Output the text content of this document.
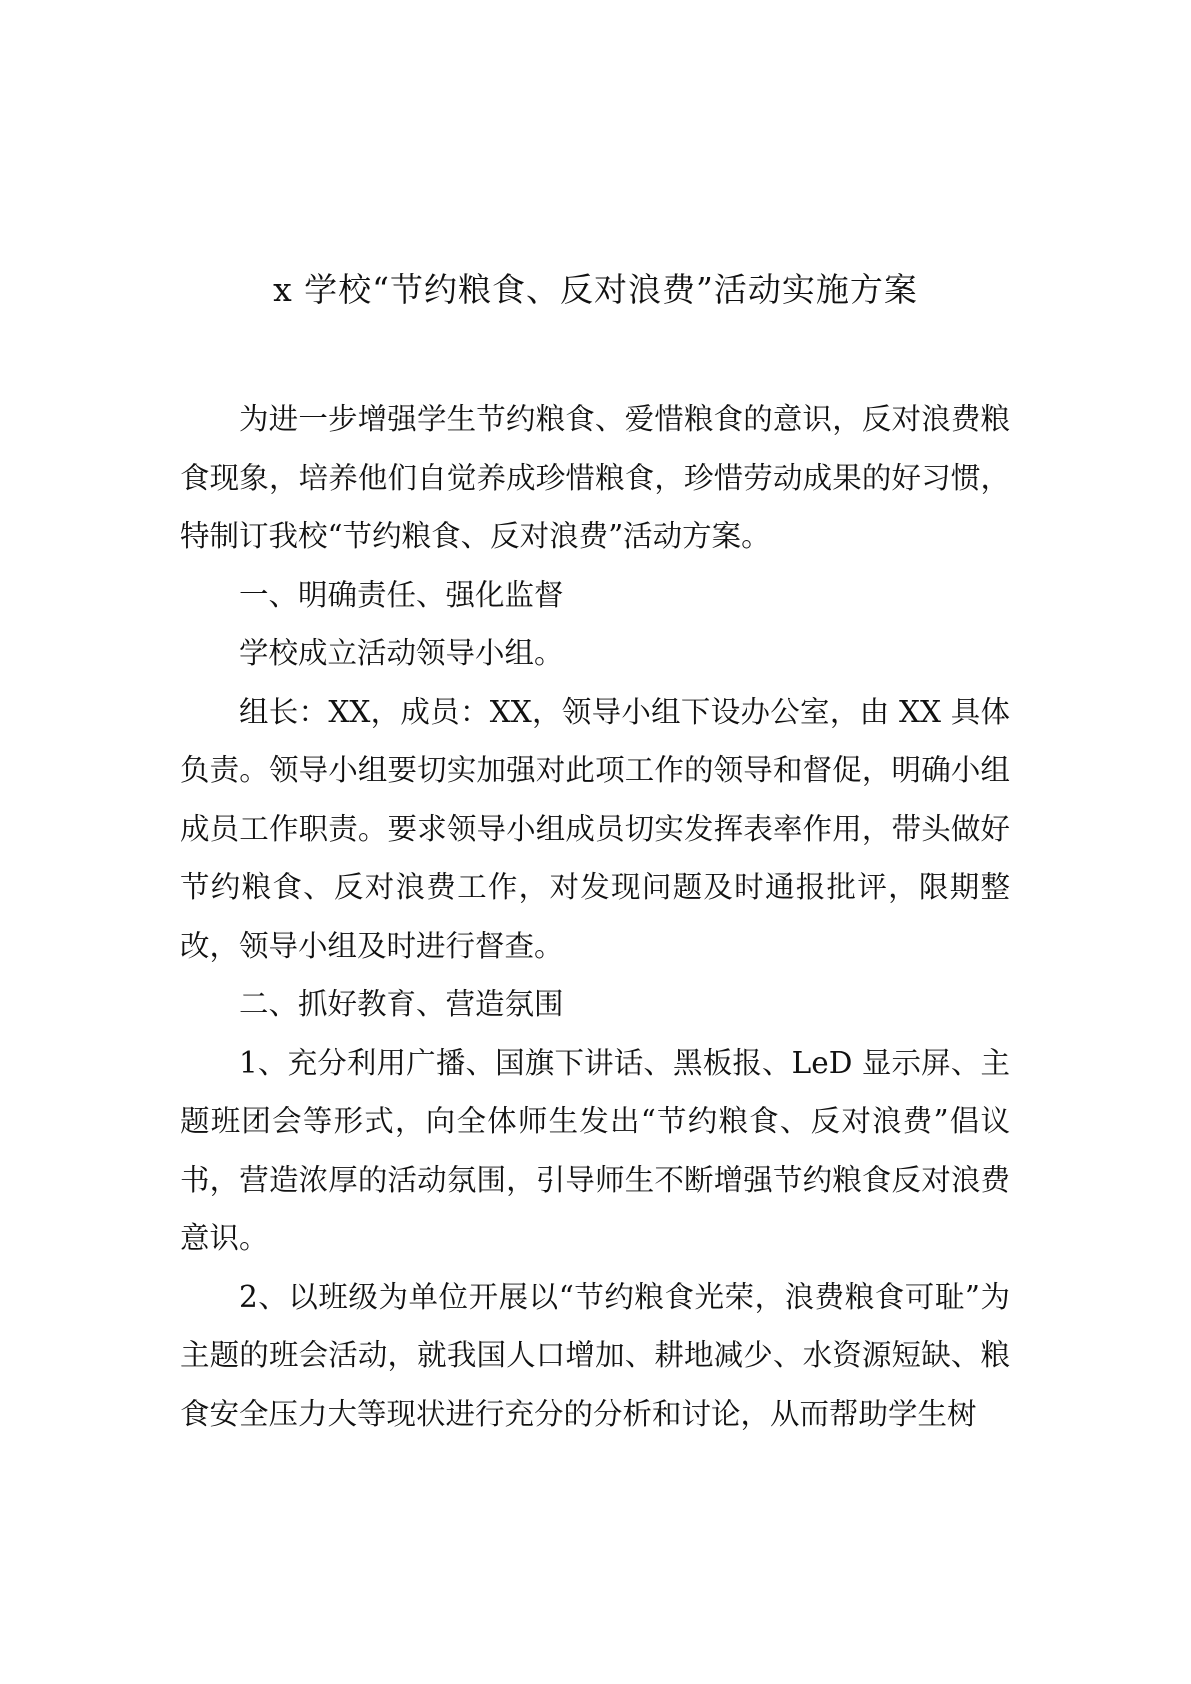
x 学校“节约粮食、反对浪费”活动实施方案

为进一步增强学生节约粮食、爱惜粮食的意识，反对浪费粮食现象，培养他们自觉养成珍惜粮食，珍惜劳动成果的好习惯，特制订我校“节约粮食、反对浪费”活动方案。

一、明确责任、强化监督

学校成立活动领导小组。

组长：XX，成员：XX，领导小组下设办公室，由 XX 具体负责。领导小组要切实加强对此项工作的领导和督促，明确小组成员工作职责。要求领导小组成员切实发挥表率作用，带头做好节约粮食、反对浪费工作，对发现问题及时通报批评，限期整改，领导小组及时进行督查。

二、抓好教育、营造氛围

1、充分利用广播、国旗下讲话、黑板报、LeD 显示屏、主题班团会等形式，向全体师生发出“节约粮食、反对浪费”倡议书，营造浓厚的活动氛围，引导师生不断增强节约粮食反对浪费意识。

2、以班级为单位开展以“节约粮食光荣，浪费粮食可耻”为主题的班会活动，就我国人口增加、耕地减少、水资源短缺、粮食安全压力大等现状进行充分的分析和讨论，从而帮助学生树
